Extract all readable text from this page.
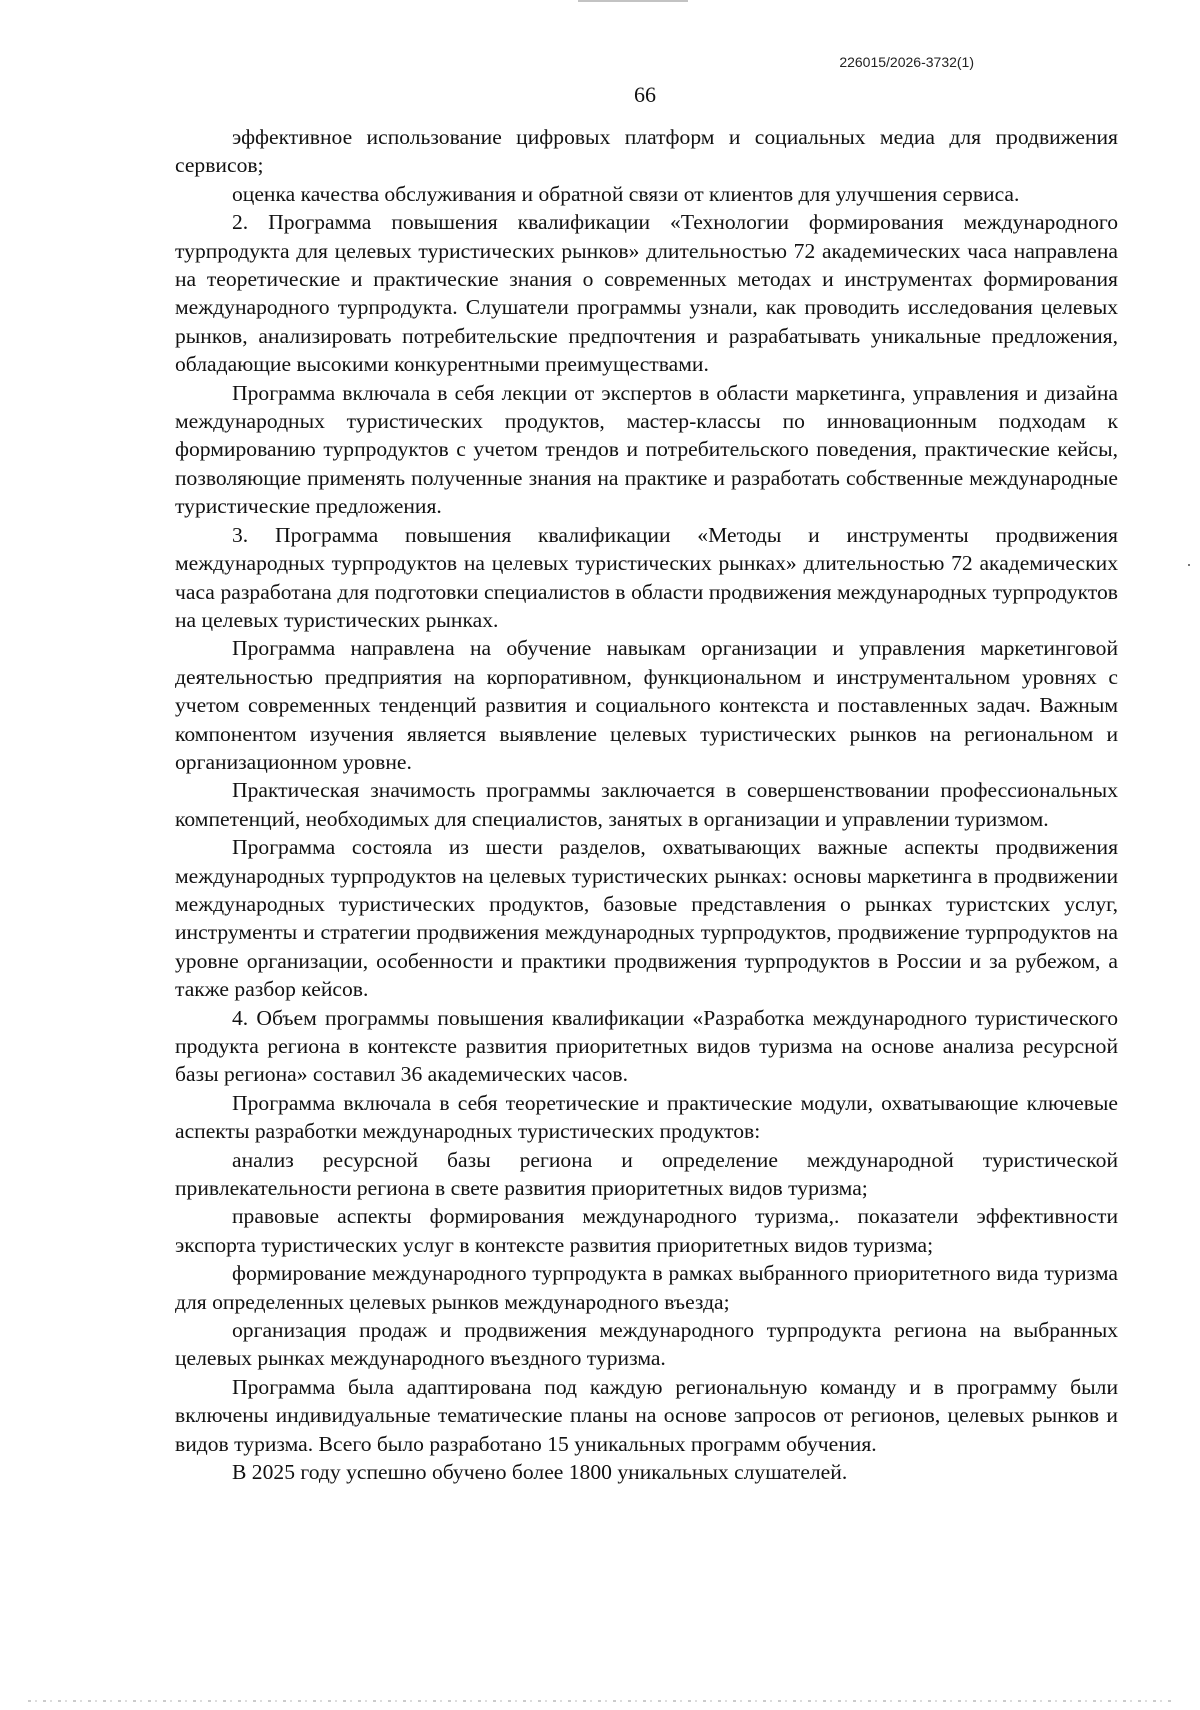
226015/2026-3732(1)
66

эффективное использование цифровых платформ и социальных медиа для продвижения сервисов;

оценка качества обслуживания и обратной связи от клиентов для улучшения сервиса.

2. Программа повышения квалификации «Технологии формирования международного турпродукта для целевых туристических рынков» длительностью 72 академических часа направлена на теоретические и практические знания о современных методах и инструментах формирования международного турпродукта. Слушатели программы узнали, как проводить исследования целевых рынков, анализировать потребительские предпочтения и разрабатывать уникальные предложения, обладающие высокими конкурентными преимуществами.

Программа включала в себя лекции от экспертов в области маркетинга, управления и дизайна международных туристических продуктов, мастер-классы по инновационным подходам к формированию турпродуктов с учетом трендов и потребительского поведения, практические кейсы, позволяющие применять полученные знания на практике и разработать собственные международные туристические предложения.

3. Программа повышения квалификации «Методы и инструменты продвижения международных турпродуктов на целевых туристических рынках» длительностью 72 академических часа разработана для подготовки специалистов в области продвижения международных турпродуктов на целевых туристических рынках.

Программа направлена на обучение навыкам организации и управления маркетинговой деятельностью предприятия на корпоративном, функциональном и инструментальном уровнях с учетом современных тенденций развития и социального контекста и поставленных задач. Важным компонентом изучения является выявление целевых туристических рынков на региональном и организационном уровне.

Практическая значимость программы заключается в совершенствовании профессиональных компетенций, необходимых для специалистов, занятых в организации и управлении туризмом.

Программа состояла из шести разделов, охватывающих важные аспекты продвижения международных турпродуктов на целевых туристических рынках: основы маркетинга в продвижении международных туристических продуктов, базовые представления о рынках туристских услуг, инструменты и стратегии продвижения международных турпродуктов, продвижение турпродуктов на уровне организации, особенности и практики продвижения турпродуктов в России и за рубежом, а также разбор кейсов.

4. Объем программы повышения квалификации «Разработка международного туристического продукта региона в контексте развития приоритетных видов туризма на основе анализа ресурсной базы региона» составил 36 академических часов.

Программа включала в себя теоретические и практические модули, охватывающие ключевые аспекты разработки международных туристических продуктов:

анализ ресурсной базы региона и определение международной туристической привлекательности региона в свете развития приоритетных видов туризма;

правовые аспекты формирования международного туризма,. показатели эффективности экспорта туристических услуг в контексте развития приоритетных видов туризма;

формирование международного турпродукта в рамках выбранного приоритетного вида туризма для определенных целевых рынков международного въезда;

организация продаж и продвижения международного турпродукта региона на выбранных целевых рынках международного въездного туризма.

Программа была адаптирована под каждую региональную команду и в программу были включены индивидуальные тематические планы на основе запросов от регионов, целевых рынков и видов туризма. Всего было разработано 15 уникальных программ обучения.

В 2025 году успешно обучено более 1800 уникальных слушателей.
